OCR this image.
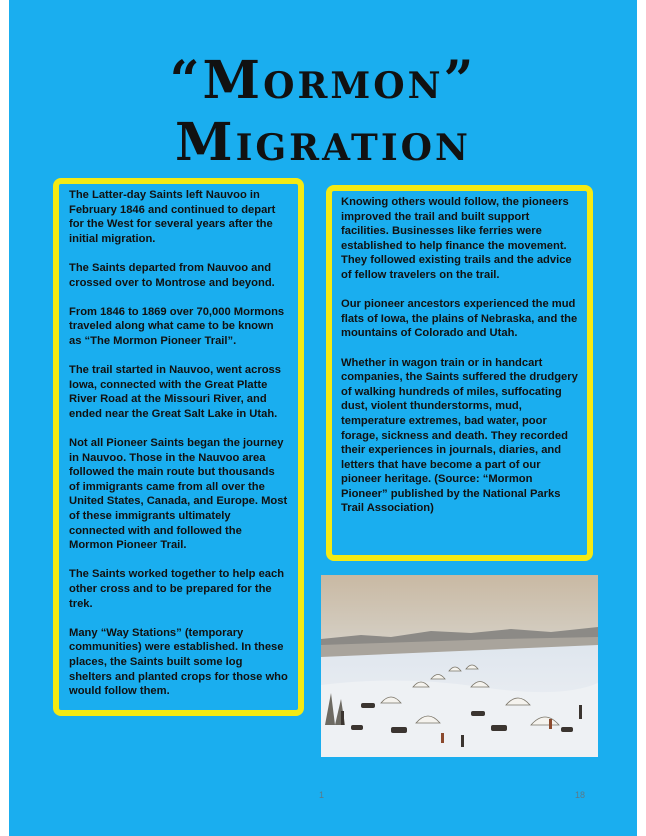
“Mormon”
Migration

The Latter-day Saints left Nauvoo in February 1846 and continued to depart for the West for several years after the initial migration.

The Saints departed from Nauvoo and crossed over to Montrose and beyond.

From 1846 to 1869 over 70,000 Mormons traveled along what came to be known as “The Mormon Pioneer Trail”.

The trail started in Nauvoo, went across Iowa, connected with the Great Platte River Road at the Missouri River, and ended near the Great Salt Lake in Utah.

Not all Pioneer Saints began the journey in Nauvoo. Those in the Nauvoo area followed the main route but thousands of immigrants came from all over the United States, Canada, and Europe. Most of these immigrants ultimately connected with and followed the Mormon Pioneer Trail.

The Saints worked together to help each other cross and to be prepared for the trek.

Many “Way Stations” (temporary communities) were established. In these places, the Saints built some log shelters and planted crops for those who would follow them.

Knowing others would follow, the pioneers improved the trail and built support facilities. Businesses like ferries were established to help finance the movement. They followed existing trails and the advice of fellow travelers on the trail.

Our pioneer ancestors experienced the mud flats of Iowa, the plains of Nebraska, and the mountains of Colorado and Utah.

Whether in wagon train or in handcart companies, the Saints suffered the drudgery of walking hundreds of miles, suffocating dust, violent thunderstorms, mud, temperature extremes, bad water, poor forage, sickness and death. They recorded their experiences in journals, diaries, and letters that have become a part of our pioneer heritage. (Source: “Mormon Pioneer” published by the National Parks Trail Association)

1	18
